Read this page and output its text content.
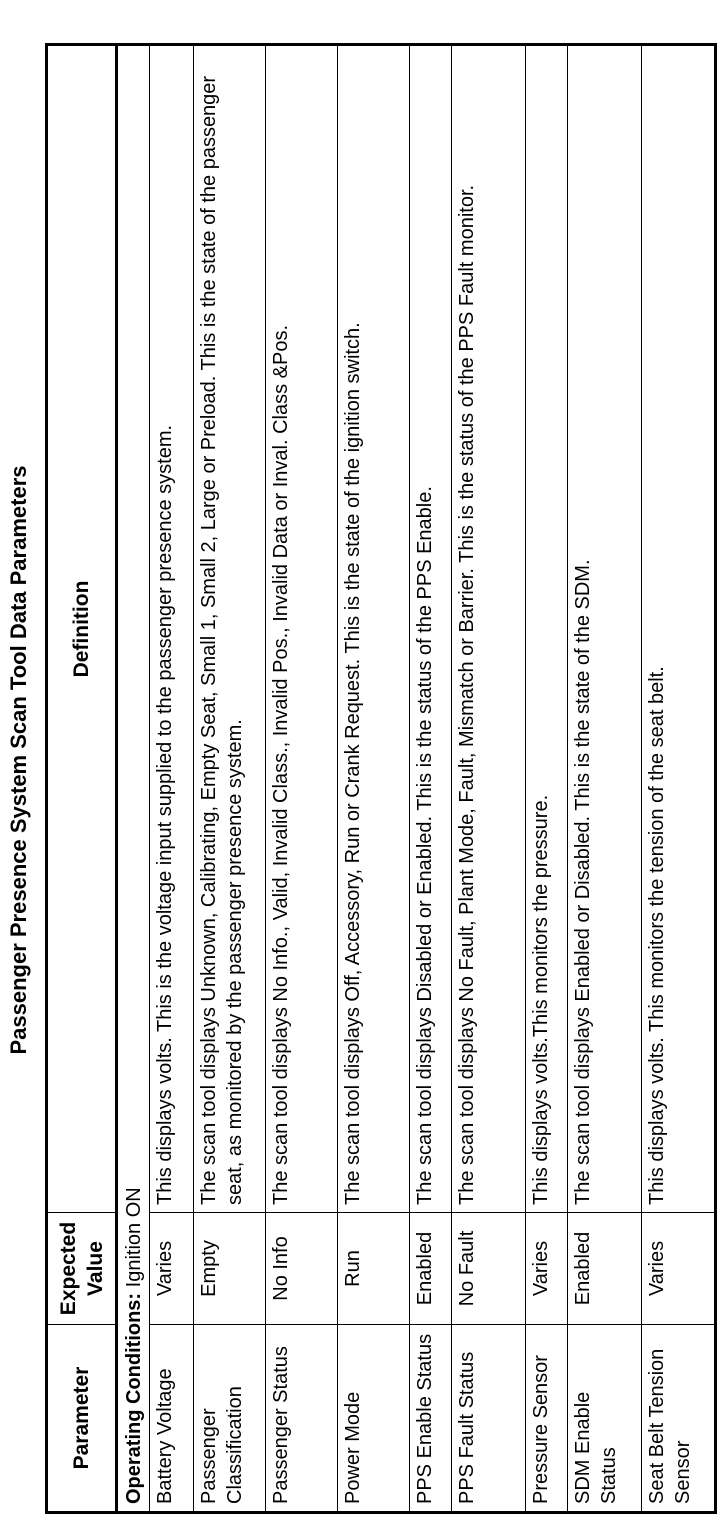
Passenger Presence System Scan Tool Data Parameters
Parameter	Expected Value	Definition
Operating Conditions: Ignition ON		
Battery Voltage	Varies	This displays volts. This is the voltage input supplied to the passenger presence system.
Passenger Classification	Empty	The scan tool displays Unknown, Calibrating, Empty Seat, Small 1, Small 2, Large or Preload. This is the state of the passenger seat, as monitored by the passenger presence system.
Passenger Status	No Info	The scan tool displays No Info., Valid, Invalid Class., Invalid Pos., Invalid Data or Inval. Class &Pos.
Power Mode	Run	The scan tool displays Off, Accessory, Run or Crank Request. This is the state of the ignition switch.
PPS Enable Status	Enabled	The scan tool displays Disabled or Enabled. This is the status of the PPS Enable.
PPS Fault Status	No Fault	The scan tool displays No Fault, Plant Mode, Fault, Mismatch or Barrier. This is the status of the PPS Fault monitor.
Pressure Sensor	Varies	This displays volts.This monitors the pressure.
SDM Enable Status	Enabled	The scan tool displays Enabled or Disabled. This is the state of the SDM.
Seat Belt Tension Sensor	Varies	This displays volts. This monitors the tension of the seat belt.
